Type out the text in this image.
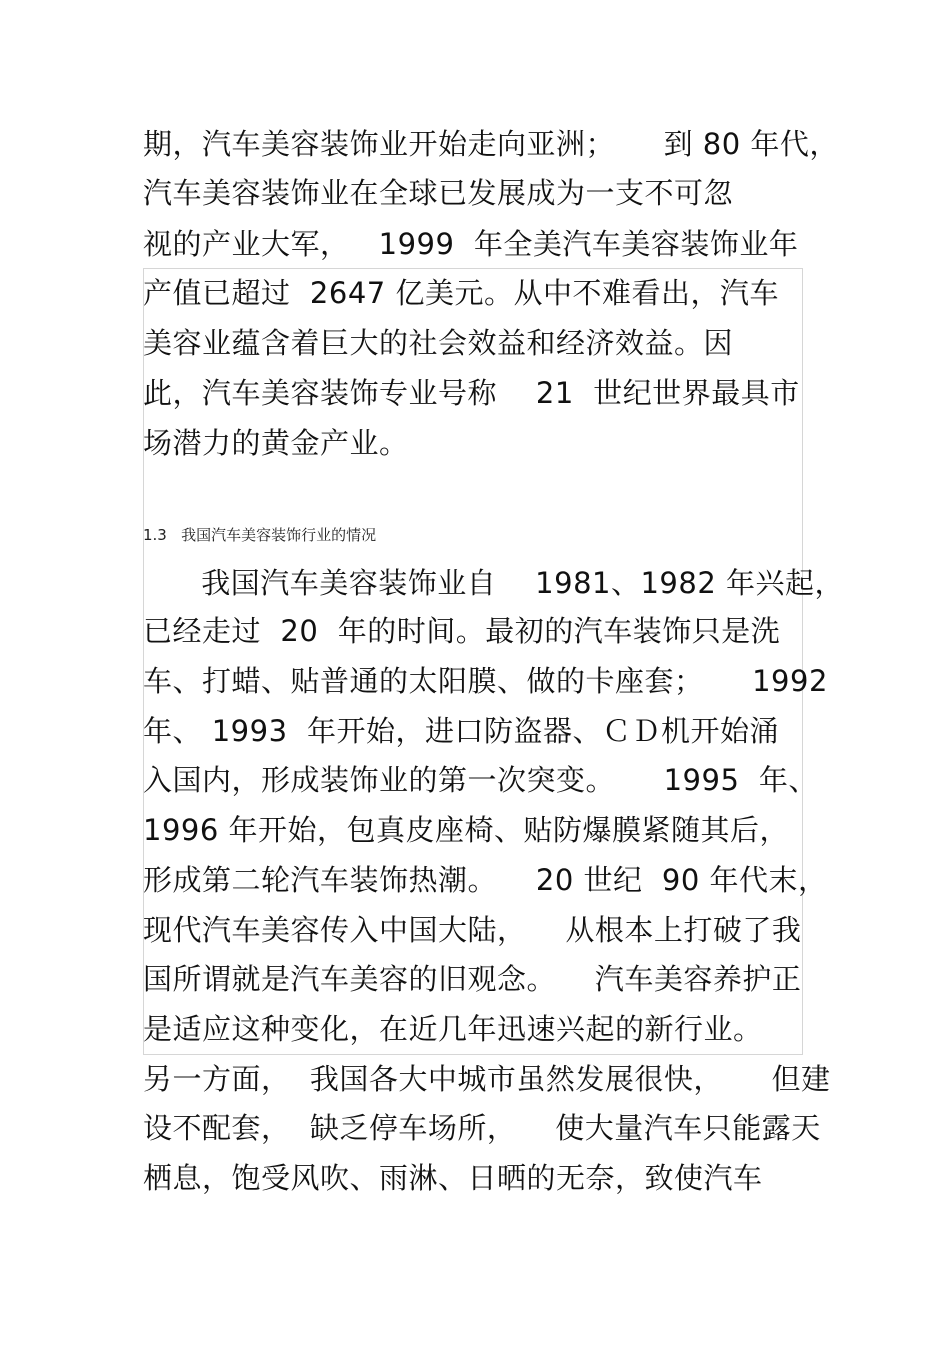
期，汽车美容装饰业开始走向亚洲；     到 80 年代，
汽车美容装饰业在全球已发展成为一支不可忽
视的产业大军，   1999  年全美汽车美容装饰业年
产值已超过  2647 亿美元。从中不难看出，汽车
美容业蕴含着巨大的社会效益和经济效益。因
此，汽车美容装饰专业号称    21  世纪世界最具市
场潜力的黄金产业。
1.3   我国汽车美容装饰行业的情况
我国汽车美容装饰业自    1981、1982 年兴起，
已经走过  20  年的时间。最初的汽车装饰只是洗
车、打蜡、贴普通的太阳膜、做的卡座套；     1992
年、 1993  年开始，进口防盗器、ＣＤ机开始涌
入国内，形成装饰业的第一次突变。     1995  年、
1996 年开始，包真皮座椅、贴防爆膜紧随其后，
形成第二轮汽车装饰热潮。    20 世纪  90 年代末，
现代汽车美容传入中国大陆，    从根本上打破了我
国所谓就是汽车美容的旧观念。    汽车美容养护正
是适应这种变化，在近几年迅速兴起的新行业。
另一方面，  我国各大中城市虽然发展很快，     但建
设不配套，  缺乏停车场所，    使大量汽车只能露天
栖息，饱受风吹、雨淋、日晒的无奈，致使汽车
